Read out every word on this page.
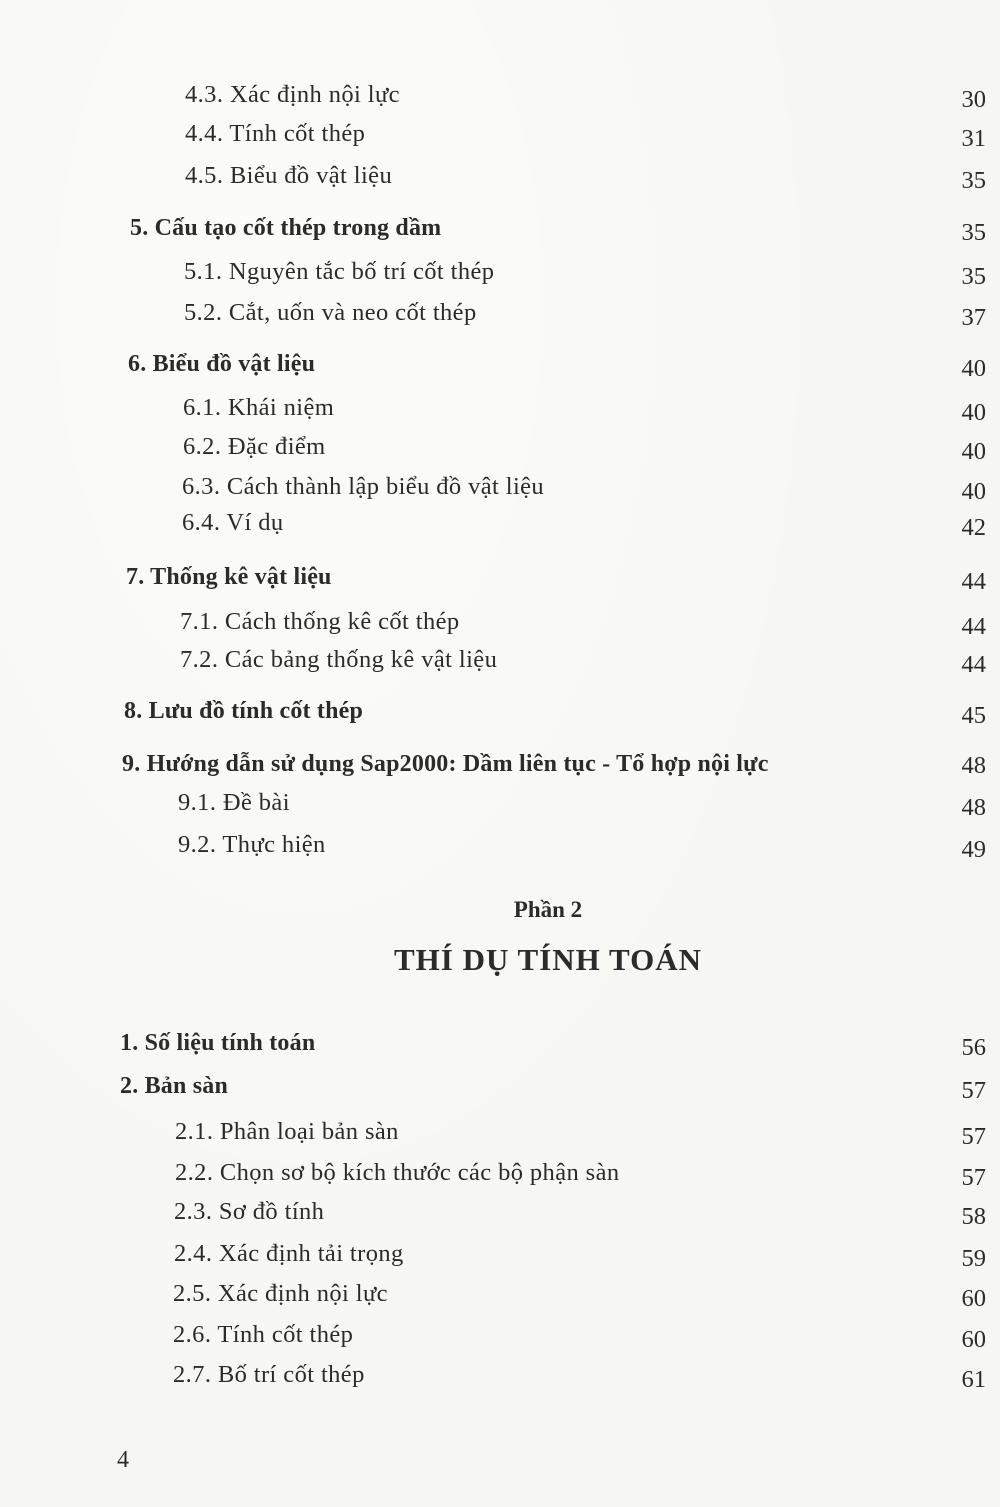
4.3. Xác định nội lực	30
4.4. Tính cốt thép	31
4.5. Biểu đồ vật liệu	35
5. Cấu tạo cốt thép trong dầm	35
5.1. Nguyên tắc bố trí cốt thép	35
5.2. Cắt, uốn và neo cốt thép	37
6. Biểu đồ vật liệu	40
6.1. Khái niệm	40
6.2. Đặc điểm	40
6.3. Cách thành lập biểu đồ vật liệu	40
6.4. Ví dụ	42
7. Thống kê vật liệu	44
7.1. Cách thống kê cốt thép	44
7.2. Các bảng thống kê vật liệu	44
8. Lưu đồ tính cốt thép	45
9. Hướng dẫn sử dụng Sap2000: Dầm liên tục - Tổ hợp nội lực	48
9.1. Đề bài	48
9.2. Thực hiện	49
Phần 2
THÍ DỤ TÍNH TOÁN
1. Số liệu tính toán	56
2. Bản sàn	57
2.1. Phân loại bản sàn	57
2.2. Chọn sơ bộ kích thước các bộ phận sàn	57
2.3. Sơ đồ tính	58
2.4. Xác định tải trọng	59
2.5. Xác định nội lực	60
2.6. Tính cốt thép	60
2.7. Bố trí cốt thép	61
4
